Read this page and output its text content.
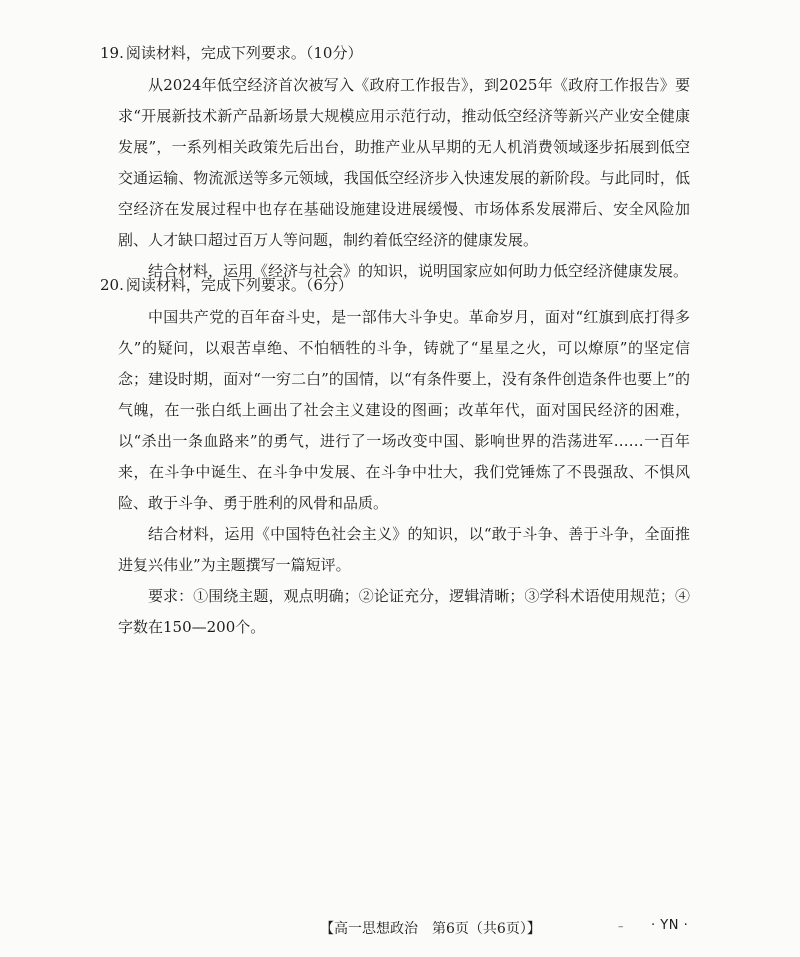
19. 阅读材料，完成下列要求。（10分）

从2024年低空经济首次被写入《政府工作报告》，到2025年《政府工作报告》要求“开展新技术新产品新场景大规模应用示范行动，推动低空经济等新兴产业安全健康发展”，一系列相关政策先后出台，助推产业从早期的无人机消费领域逐步拓展到低空交通运输、物流派送等多元领域，我国低空经济步入快速发展的新阶段。与此同时，低空经济在发展过程中也存在基础设施建设进展缓慢、市场体系发展滞后、安全风险加剧、人才缺口超过百万人等问题，制约着低空经济的健康发展。

结合材料，运用《经济与社会》的知识，说明国家应如何助力低空经济健康发展。

20. 阅读材料，完成下列要求。（6分）

中国共产党的百年奋斗史，是一部伟大斗争史。革命岁月，面对“红旗到底打得多久”的疑问，以艰苦卓绝、不怕牺牲的斗争，铸就了“星星之火，可以燎原”的坚定信念；建设时期，面对“一穷二白”的国情，以“有条件要上，没有条件创造条件也要上”的气魄，在一张白纸上画出了社会主义建设的图画；改革年代，面对国民经济的困难，以“杀出一条血路来”的勇气，进行了一场改变中国、影响世界的浩荡进军……一百年来，在斗争中诞生、在斗争中发展、在斗争中壮大，我们党锤炼了不畏强敌、不惧风险、敢于斗争、勇于胜利的风骨和品质。

结合材料，运用《中国特色社会主义》的知识，以“敢于斗争、善于斗争，全面推进复兴伟业”为主题撰写一篇短评。

要求：①围绕主题，观点明确；②论证充分，逻辑清晰；③学科术语使用规范；④字数在150—200个。

【高一思想政治　第6页（共6页）】	– · YN ·
